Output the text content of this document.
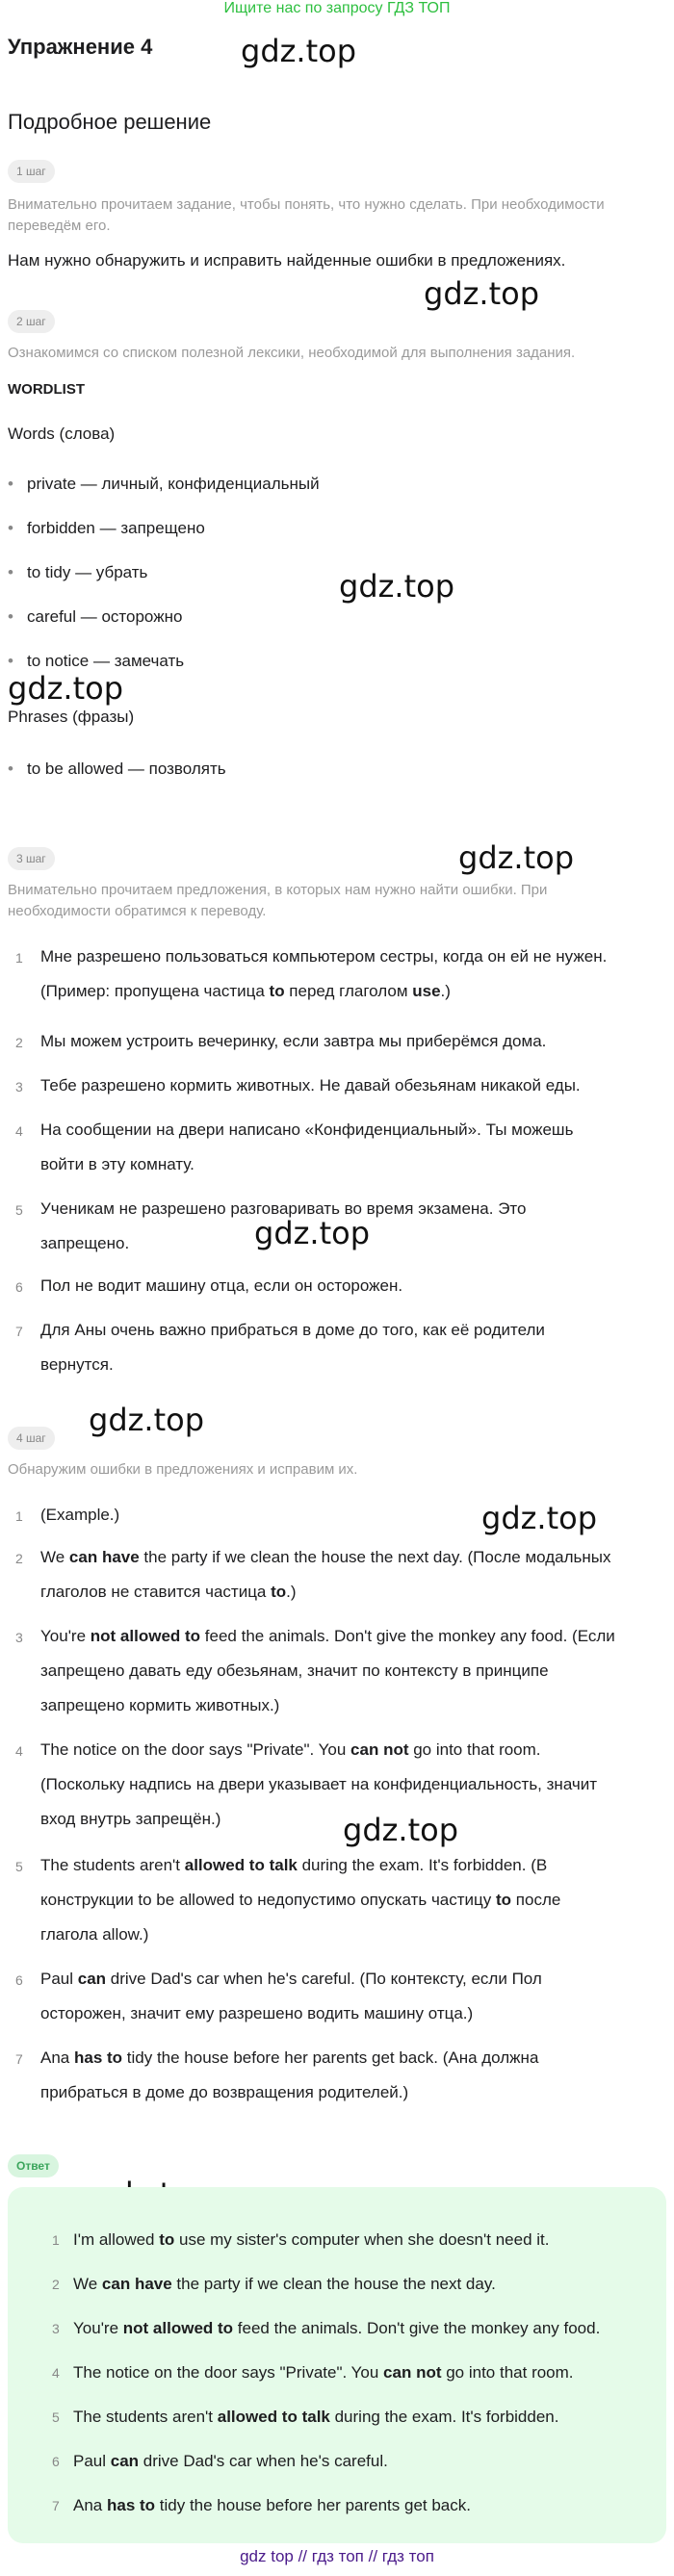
Ищите нас по запросу ГДЗ ТОП
Упражнение 4
Подробное решение
gdz.top
gdz.top
gdz.top
gdz.top
gdz.top
gdz.top
gdz.top
gdz.top
gdz.top
1 шаг
Внимательно прочитаем задание, чтобы понять, что нужно сделать. При необходимости переведём его.
Нам нужно обнаружить и исправить найденные ошибки в предложениях.
2 шаг
Ознакомимся со списком полезной лексики, необходимой для выполнения задания.
WORDLIST
Words (слова)
• private — личный, конфиденциальный
• forbidden — запрещено
• to tidy — убрать
• careful — осторожно
• to notice — замечать
Phrases (фразы)
• to be allowed — позволять
3 шаг
Внимательно прочитаем предложения, в которых нам нужно найти ошибки. При
необходимости обратимся к переводу.
1	Мне разрешено пользоваться компьютером сестры, когда он ей не нужен.
(Пример: пропущена частица to перед глаголом use.)
2	Мы можем устроить вечеринку, если завтра мы приберёмся дома.
3	Тебе разрешено кормить животных. Не давай обезьянам никакой еды.
4	На сообщении на двери написано «Конфиденциальный». Ты можешь
войти в эту комнату.
5	Ученикам не разрешено разговаривать во время экзамена. Это
запрещено.
6	Пол не водит машину отца, если он осторожен.
7	Для Аны очень важно прибраться в доме до того, как её родители
вернутся.
4 шаг
Обнаружим ошибки в предложениях и исправим их.
1	(Example.)
2	We can have the party if we clean the house the next day. (После модальных
глаголов не ставится частица to.)
3	You're not allowed to feed the animals. Don't give the monkey any food. (Если
запрещено давать еду обезьянам, значит по контексту в принципе
запрещено кормить животных.)
4	The notice on the door says "Private". You can not go into that room.
(Поскольку надпись на двери указывает на конфиденциальность, значит
вход внутрь запрещён.)
5	The students aren't allowed to talk during the exam. It's forbidden. (В
конструкции to be allowed to недопустимо опускать частицу to после
глагола allow.)
6	Paul can drive Dad's car when he's careful. (По контексту, если Пол
осторожен, значит ему разрешено водить машину отца.)
7	Ana has to tidy the house before her parents get back. (Ана должна
прибраться в доме до возвращения родителей.)
Ответ
1 I'm allowed to use my sister's computer when she doesn't need it.
2 We can have the party if we clean the house the next day.
3 You're not allowed to feed the animals. Don't give the monkey any food.
4 The notice on the door says "Private". You can not go into that room.
5 The students aren't allowed to talk during the exam. It's forbidden.
6 Paul can drive Dad's car when he's careful.
7 Ana has to tidy the house before her parents get back.
gdz top // гдз топ // гдз топ
